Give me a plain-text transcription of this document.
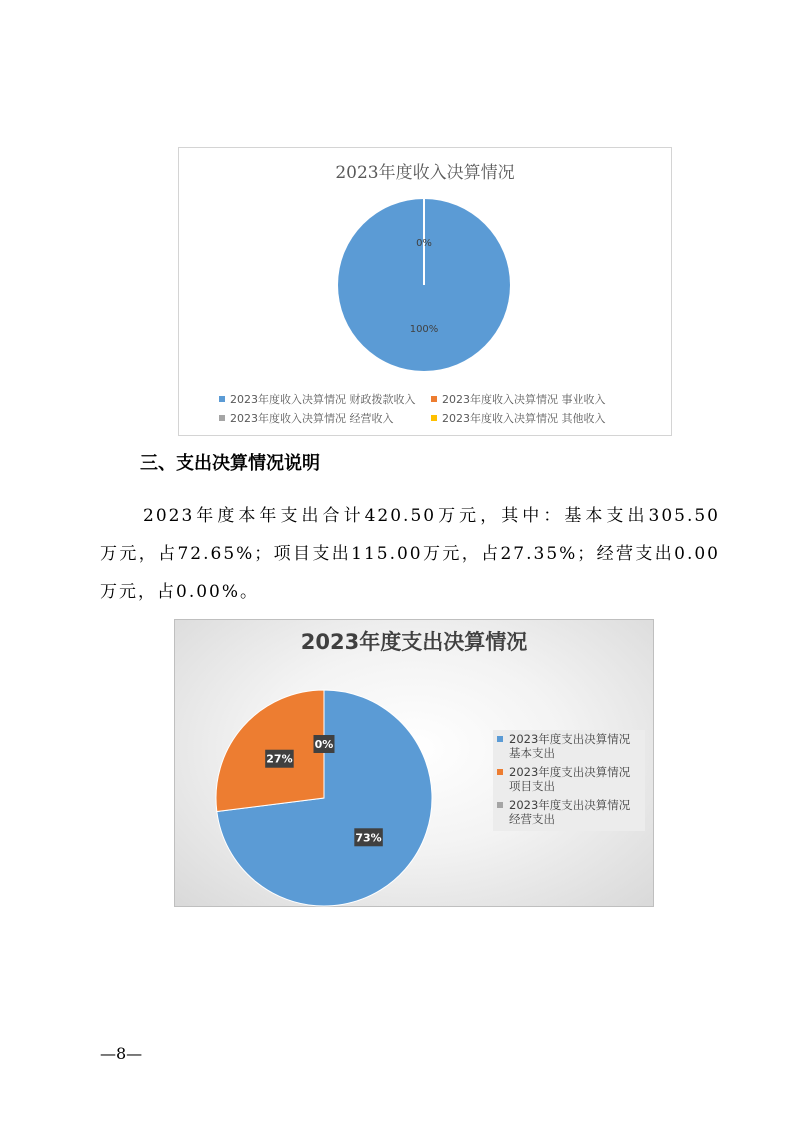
2023年度收入决算情况
0%
100%
2023年度收入决算情况 财政拨款收入	2023年度收入决算情况 事业收入
2023年度收入决算情况 经营收入	2023年度收入决算情况 其他收入
三、支出决算情况说明
2023年度本年支出合计420.50万元，其中：基本支出305.50
万元，占72.65%；项目支出115.00万元，占27.35%；经营支出0.00
万元，占0.00%。
2023年度支出决算情况
73%
27%
0%	2023年度支出决算情况 基本支出
2023年度支出决算情况 项目支出
2023年度支出决算情况 经营支出
—8—
